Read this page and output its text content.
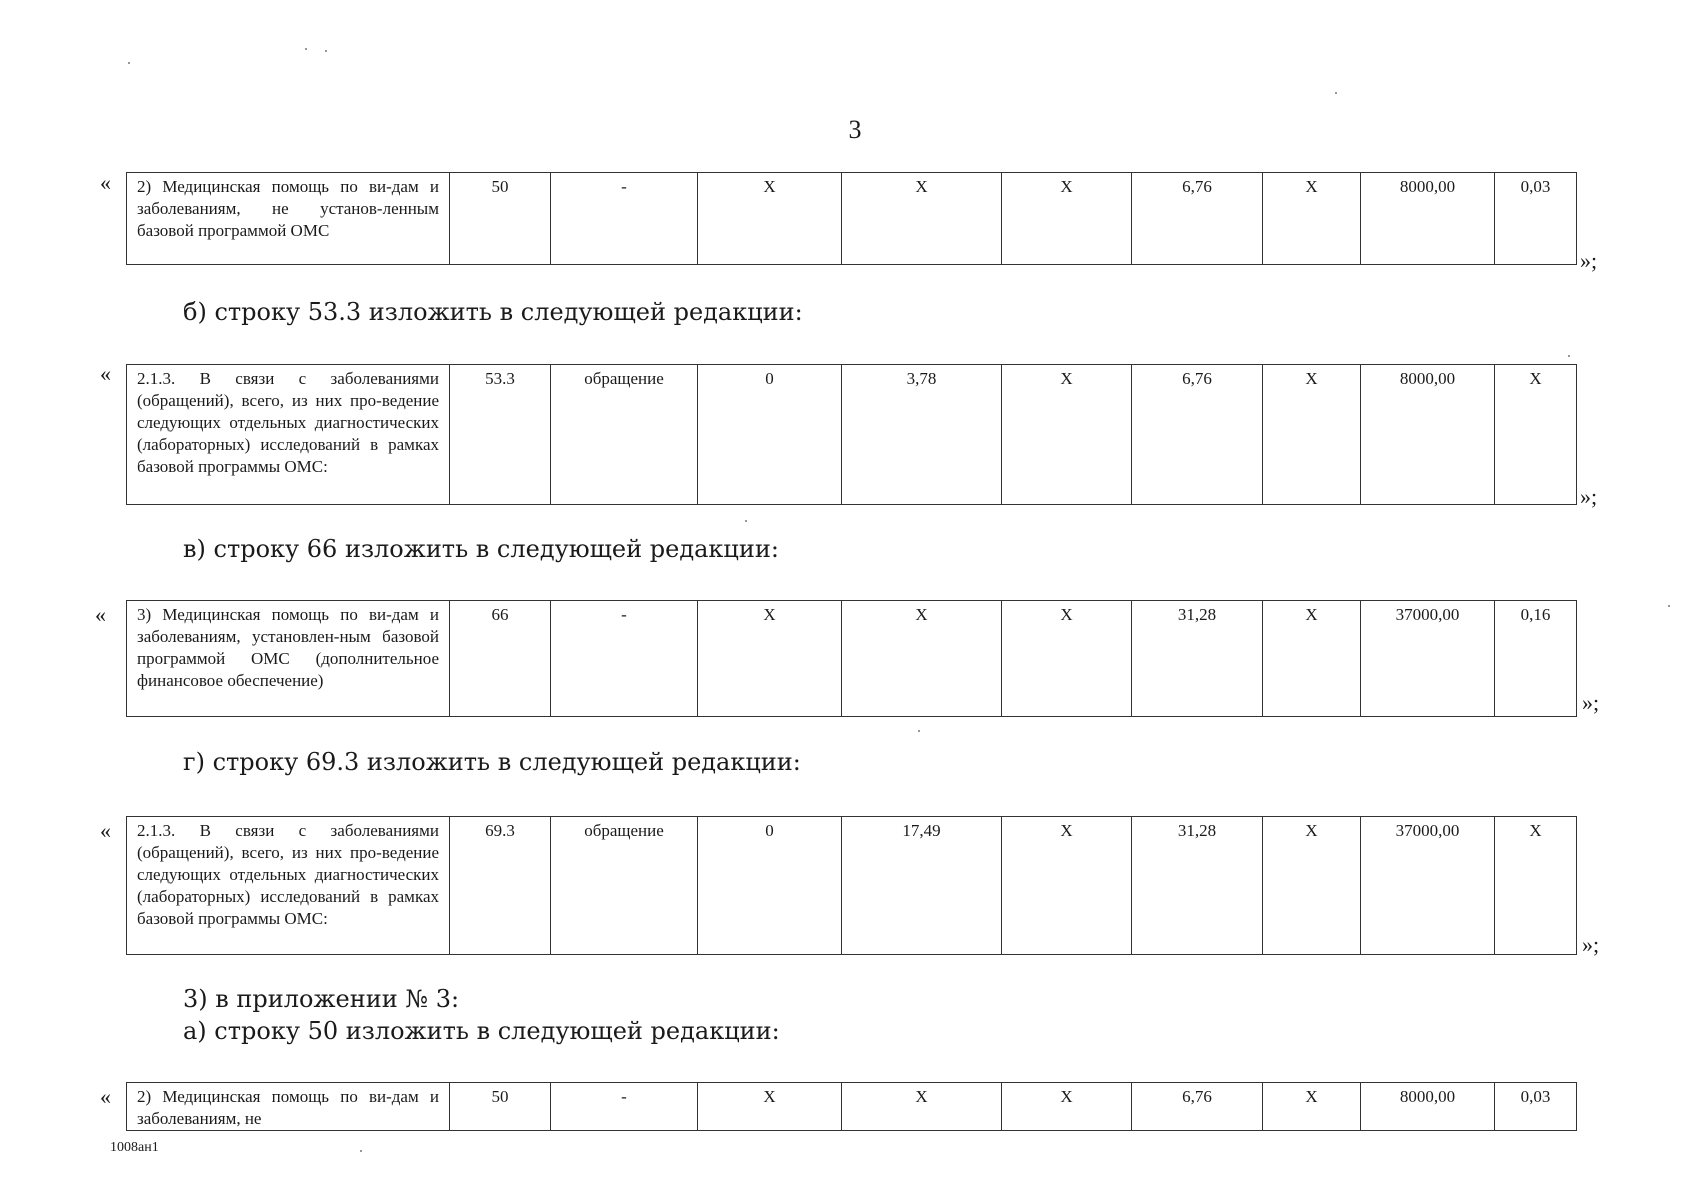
3
« 2) Медицинская помощь по ви-дам и заболеваниям, не установ-ленным базовой программой ОМС	50	-	X	X	X	6,76	X	8000,00	0,03
»;
б) строку 53.3 изложить в следующей редакции:
« 2.1.3. В связи с заболеваниями (обращений), всего, из них про-ведение следующих отдельных диагностических (лабораторных) исследований в рамках базовой программы ОМС:	53.3	обращение	0	3,78	X	6,76	X	8000,00	X
»;
в) строку 66 изложить в следующей редакции:
« 3) Медицинская помощь по ви-дам и заболеваниям, установлен-ным базовой программой ОМС (дополнительное финансовое обеспечение)	66	-	X	X	X	31,28	X	37000,00	0,16
»;
г) строку 69.3 изложить в следующей редакции:
« 2.1.3. В связи с заболеваниями (обращений), всего, из них про-ведение следующих отдельных диагностических (лабораторных) исследований в рамках базовой программы ОМС:	69.3	обращение	0	17,49	X	31,28	X	37000,00	X
»;
3) в приложении № 3:
а) строку 50 изложить в следующей редакции:
« 2) Медицинская помощь по ви-дам и заболеваниям, не	50	-	X	X	X	6,76	X	8000,00	0,03
1008ан1
